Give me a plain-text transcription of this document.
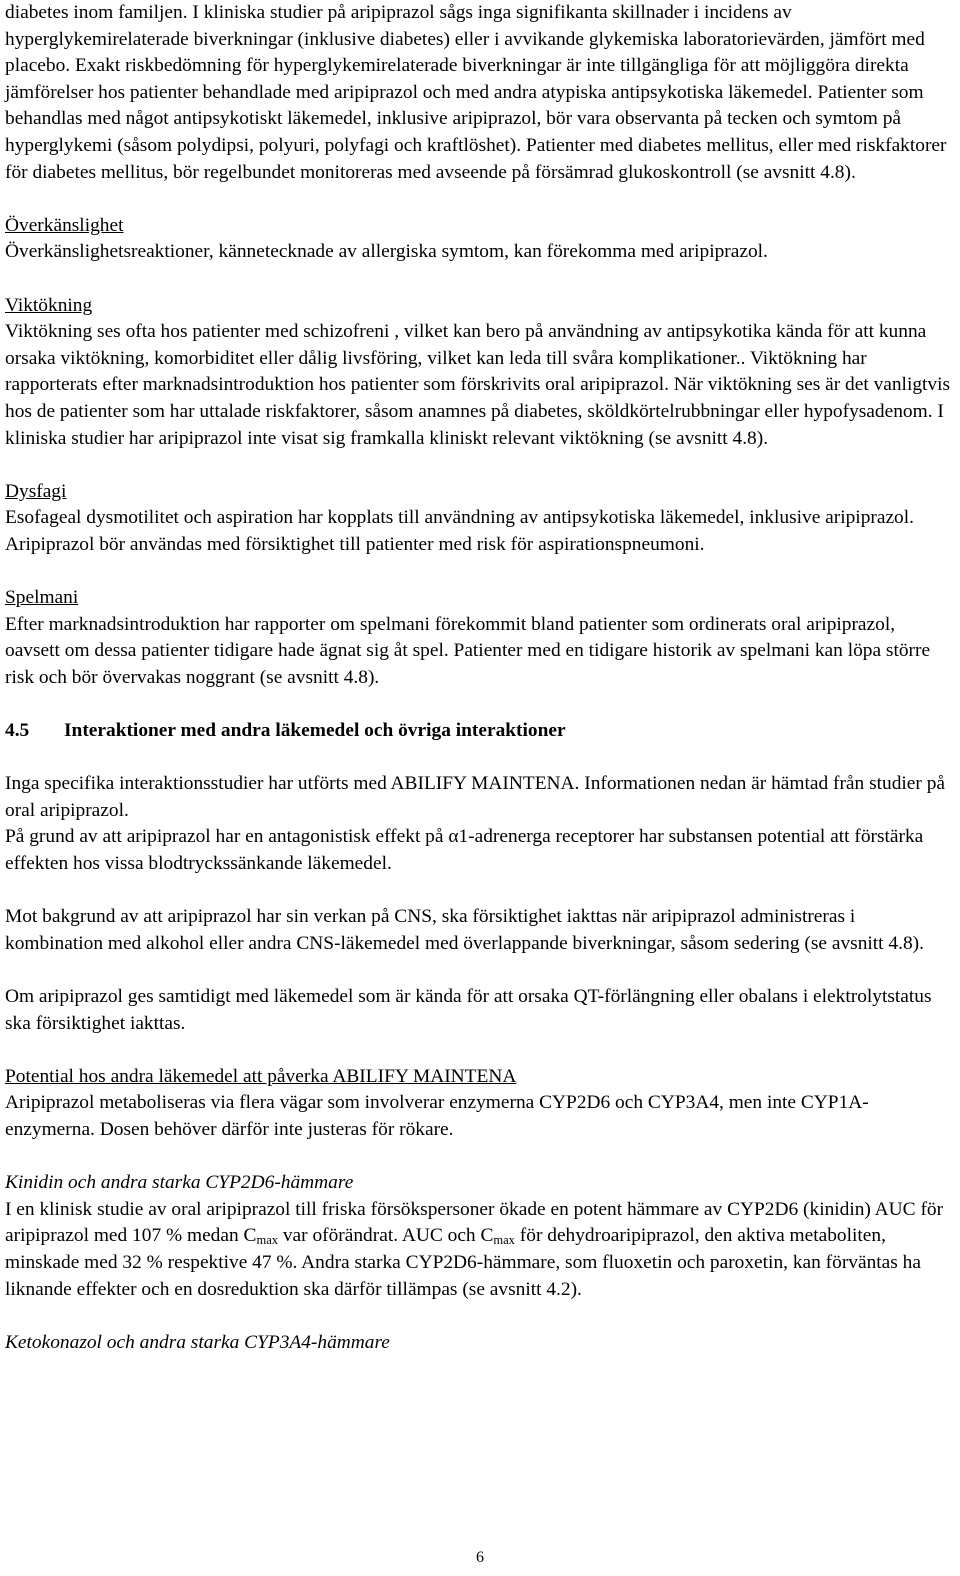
diabetes inom familjen. I kliniska studier på aripiprazol sågs inga signifikanta skillnader i incidens av hyperglykemirelaterade biverkningar (inklusive diabetes) eller i avvikande glykemiska laboratorievärden, jämfört med placebo. Exakt riskbedömning för hyperglykemirelaterade biverkningar är inte tillgängliga för att möjliggöra direkta jämförelser hos patienter behandlade med aripiprazol och med andra atypiska antipsykotiska läkemedel. Patienter som behandlas med något antipsykotiskt läkemedel, inklusive aripiprazol, bör vara observanta på tecken och symtom på hyperglykemi (såsom polydipsi, polyuri, polyfagi och kraftlöshet). Patienter med diabetes mellitus, eller med riskfaktorer för diabetes mellitus, bör regelbundet monitoreras med avseende på försämrad glukoskontroll (se avsnitt 4.8).

Överkänslighet

Överkänslighetsreaktioner, kännetecknade av allergiska symtom, kan förekomma med aripiprazol.

Viktökning

Viktökning ses ofta hos patienter med schizofreni , vilket kan bero på användning av antipsykotika kända för att kunna orsaka viktökning, komorbiditet eller dålig livsföring, vilket kan leda till svåra komplikationer.. Viktökning har rapporterats efter marknadsintroduktion hos patienter som förskrivits oral aripiprazol. När viktökning ses är det vanligtvis hos de patienter som har uttalade riskfaktorer, såsom anamnes på diabetes, sköldkörtelrubbningar eller hypofysadenom. I kliniska studier har aripiprazol inte visat sig framkalla kliniskt relevant viktökning (se avsnitt 4.8).

Dysfagi

Esofageal dysmotilitet och aspiration har kopplats till användning av antipsykotiska läkemedel, inklusive aripiprazol. Aripiprazol bör användas med försiktighet till patienter med risk för aspirationspneumoni.

Spelmani

Efter marknadsintroduktion har rapporter om spelmani förekommit bland patienter som ordinerats oral aripiprazol, oavsett om dessa patienter tidigare hade ägnat sig åt spel. Patienter med en tidigare historik av spelmani kan löpa större risk och bör övervakas noggrant (se avsnitt 4.8).

4.5	Interaktioner med andra läkemedel och övriga interaktioner

Inga specifika interaktionsstudier har utförts med ABILIFY MAINTENA. Informationen nedan är hämtad från studier på oral aripiprazol.

På grund av att aripiprazol har en antagonistisk effekt på α1-adrenerga receptorer har substansen potential att förstärka effekten hos vissa blodtryckssänkande läkemedel.

Mot bakgrund av att aripiprazol har sin verkan på CNS, ska försiktighet iakttas när aripiprazol administreras i kombination med alkohol eller andra CNS-läkemedel med överlappande biverkningar, såsom sedering (se avsnitt 4.8).

Om aripiprazol ges samtidigt med läkemedel som är kända för att orsaka QT-förlängning eller obalans i elektrolytstatus ska försiktighet iakttas.

Potential hos andra läkemedel att påverka ABILIFY MAINTENA

Aripiprazol metaboliseras via flera vägar som involverar enzymerna CYP2D6 och CYP3A4, men inte CYP1A-enzymerna. Dosen behöver därför inte justeras för rökare.

Kinidin och andra starka CYP2D6-hämmare

I en klinisk studie av oral aripiprazol till friska försökspersoner ökade en potent hämmare av CYP2D6 (kinidin) AUC för aripiprazol med 107 % medan $C_{max}$ var oförändrat. AUC och $C_{max}$ för dehydroaripiprazol, den aktiva metaboliten, minskade med 32 % respektive 47 %. Andra starka CYP2D6-hämmare, som fluoxetin och paroxetin, kan förväntas ha liknande effekter och en dosreduktion ska därför tillämpas (se avsnitt 4.2).

Ketokonazol och andra starka CYP3A4-hämmare

6
